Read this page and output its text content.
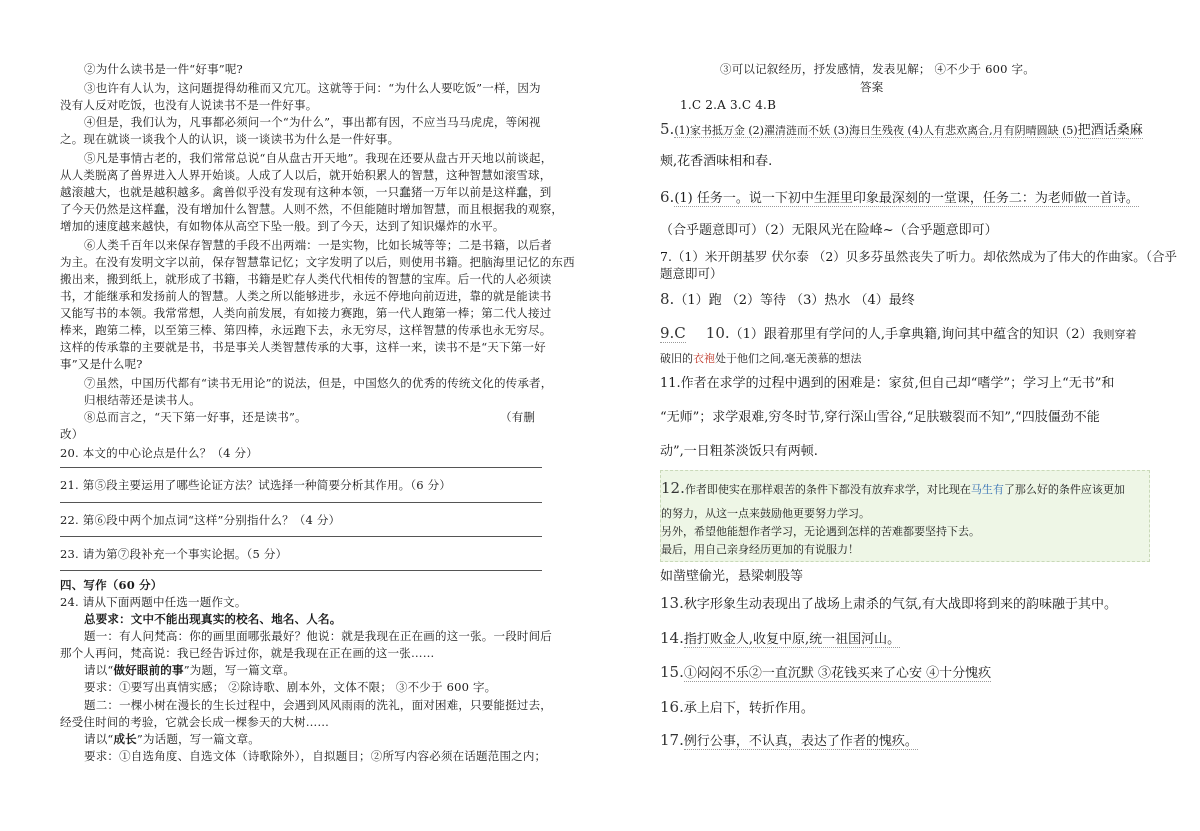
②为什么读书是一件“好事”呢?
③也许有人认为，这问题提得幼稚而又宂兀。这就等于问：“为什么人要吃饭”一样，因为
没有人反对吃饭，也没有人说读书不是一件好事。
④但是，我们认为，凡事都必须问一个“为什么”，事出都有因，不应当马马虎虎，等闲视
之。现在就谈一谈我个人的认识，谈一谈读书为什么是一件好事。
⑤凡是事情古老的，我们常常总说“自从盘古开天地”。我现在还要从盘古开天地以前谈起，
从人类脱离了兽界进入人界开始谈。人成了人以后，就开始积累人的智慧，这种智慧如滚雪球，
越滚越大，也就是越积越多。禽兽似乎没有发现有这种本领，一只蠢猪一万年以前是这样蠢，到
了今天仍然是这样蠢，没有增加什么智慧。人则不然，不但能随时增加智慧，而且根据我的观察，
增加的速度越来越快，有如物体从高空下坠一般。到了今天，达到了知识爆炸的水平。
⑥人类千百年以来保存智慧的手段不出两端：一是实物，比如长城等等；二是书籍，以后者
为主。在没有发明文字以前，保存智慧靠记忆；文字发明了以后，则使用书籍。把脑海里记忆的东西
搬出来，搬到纸上，就形成了书籍，书籍是贮存人类代代相传的智慧的宝库。后一代的人必须读
书，才能继承和发扬前人的智慧。人类之所以能够进步，永远不停地向前迈进，靠的就是能读书
又能写书的本领。我常常想，人类向前发展，有如接力赛跑，第一代人跑第一棒；第二代人接过
棒来，跑第二棒，以至第三棒、第四棒，永远跑下去，永无穷尽，这样智慧的传承也永无穷尽。
这样的传承靠的主要就是书，书是事关人类智慧传承的大事，这样一来，读书不是“天下第一好
事”又是什么呢?
⑦虽然，中国历代都有“读书无用论”的说法，但是，中国悠久的优秀的传统文化的传承者，
归根结蒂还是读书人。
⑧总而言之，“天下第一好事，还是读书”。	（有删
改）
20. 本文的中心论点是什么？（4 分）
21. 第⑤段主要运用了哪些论证方法？试选择一种简要分析其作用。（6 分）
22. 第⑥段中两个加点词“这样”分别指什么？（4 分）
23. 请为第⑦段补充一个事实论据。（5 分）
四、写作（60 分）
24. 请从下面两题中任选一题作文。
总要求：文中不能出现真实的校名、地名、人名。
题一：有人问梵高：你的画里面哪张最好？他说：就是我现在正在画的这一张。一段时间后
那个人再问，梵高说：我已经告诉过你，就是我现在正在画的这一张……
请以“做好眼前的事”为题，写一篇文章。
要求：①要写出真情实感； ②除诗歌、剧本外，文体不限； ③不少于 600 字。
题二：一棵小树在漫长的生长过程中，会遇到风风雨雨的洗礼，面对困难，只要能挺过去，
经受住时间的考验，它就会长成一棵参天的大树……
请以“成长”为话题，写一篇文章。
要求：①自选角度、自选文体（诗歌除外），自拟题目；②所写内容必须在话题范围之内；
③可以记叙经历，抒发感情，发表见解； ④不少于 600 字。
答案
1.C 2.A 3.C 4.B
5.(1)家书抵万金 (2)濯清涟而不妖 (3)海日生残夜 (4)人有悲欢离合,月有阴晴圆缺 (5)把酒话桑麻
颊,花香酒味相和春.
6.(1) 任务一。说一下初中生涯里印象最深刻的一堂课，任务二：为老师做一首诗。
（合乎题意即可）（2）无限风光在险峰~（合乎题意即可）
7.（1）米开朗基罗 伏尔泰 （2）贝多芬虽然丧失了听力。却依然成为了伟大的作曲家。（合乎
题意即可）
8.（1）跑 （2）等待 （3）热水 （4）最终
9.C 10.（1）跟着那里有学问的人,手拿典籍,询问其中蕴含的知识（2）我则穿着
破旧的衣袍处于他们之间,毫无羡慕的想法
11.作者在求学的过程中遇到的困难是：家贫,但自己却“嗜学”；学习上“无书”和
“无师”；求学艰难,穷冬时节,穿行深山雪谷,“足肤皲裂而不知”,“四肢僵劲不能
动”,一日粗茶淡饭只有两顿.
12.作者即使实在那样艰苦的条件下都没有放弃求学，对比现在马生有了那么好的条件应该更加
的努力，从这一点来鼓励他更要努力学习。
另外，希望他能想作者学习，无论遇到怎样的苦难都要坚持下去。
最后，用自己亲身经历更加的有说服力！
如凿壁偷光，悬梁刺股等
13.秋字形象生动表现出了战场上肃杀的气氛,有大战即将到来的韵味融于其中。
14.指打败金人,收复中原,统一祖国河山。
15.①闷闷不乐②一直沉默 ③花钱买来了心安 ④十分愧疚
16.承上启下，转折作用。
17.例行公事，不认真，表达了作者的愧疚。
